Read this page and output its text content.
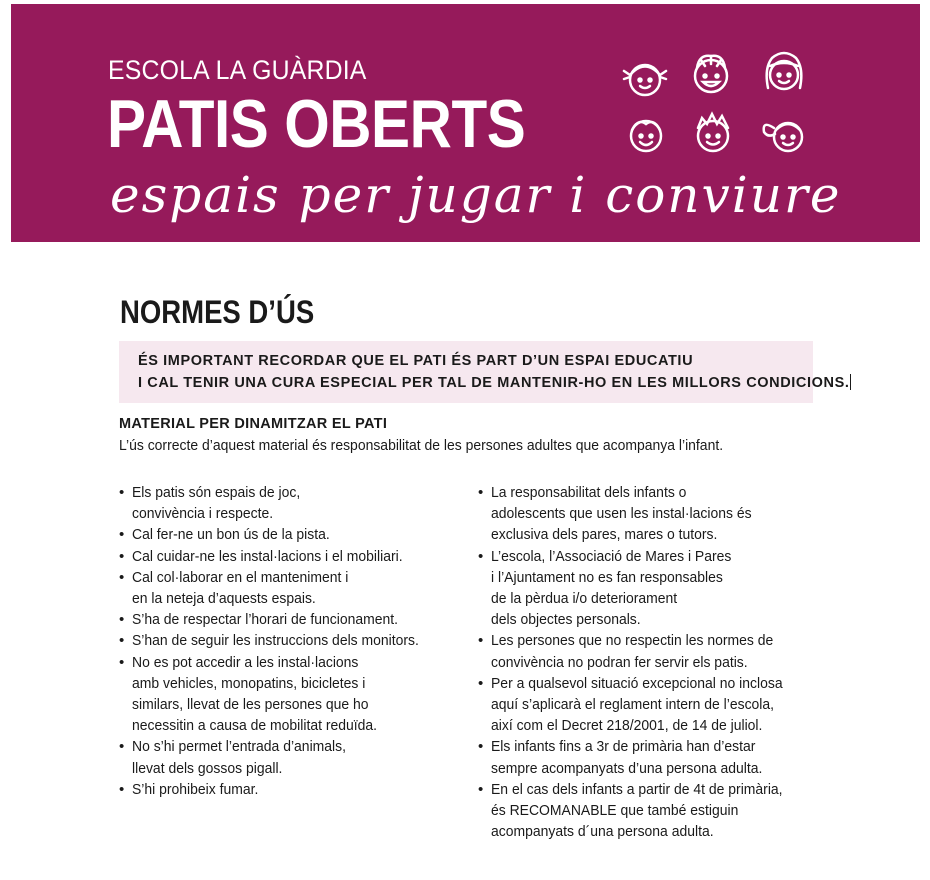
ESCOLA LA GUÀRDIA
PATIS OBERTS

espais per jugar i conviure

NORMES D’ÚS

ÉS IMPORTANT RECORDAR QUE EL PATI ÉS PART D’UN ESPAI EDUCATIU

I CAL TENIR UNA CURA ESPECIAL PER TAL DE MANTENIR-HO EN LES MILLORS CONDICIONS.

MATERIAL PER DINAMITZAR EL PATI

L’ús correcte d’aquest material és responsabilitat de les persones adultes que acompanya l’infant.

• Els patis són espais de joc,
convivència i respecte.
• Cal fer-ne un bon ús de la pista.
• Cal cuidar-ne les instal·lacions i el mobiliari.
• Cal col·laborar en el manteniment i
en la neteja d’aquests espais.
• S’ha de respectar l’horari de funcionament.
• S’han de seguir les instruccions dels monitors.
• No es pot accedir a les instal·lacions
amb vehicles, monopatins, bicicletes i
similars, llevat de les persones que ho
necessitin a causa de mobilitat reduïda.
• No s’hi permet l’entrada d’animals,
llevat dels gossos pigall.
• S’hi prohibeix fumar.
• La responsabilitat dels infants o
adolescents que usen les instal·lacions és
exclusiva dels pares, mares o tutors.
• L’escola, l’Associació de Mares i Pares
i l’Ajuntament no es fan responsables
de la pèrdua i/o deteriorament
dels objectes personals.
• Les persones que no respectin les normes de
convivència no podran fer servir els patis.
• Per a qualsevol situació excepcional no inclosa
aquí s’aplicarà el reglament intern de l’escola,
així com el Decret 218/2001, de 14 de juliol.
• Els infants fins a 3r de primària han d’estar
sempre acompanyats d’una persona adulta.
• En el cas dels infants a partir de 4t de primària,
és RECOMANABLE que també estiguin
acompanyats d´una persona adulta.
